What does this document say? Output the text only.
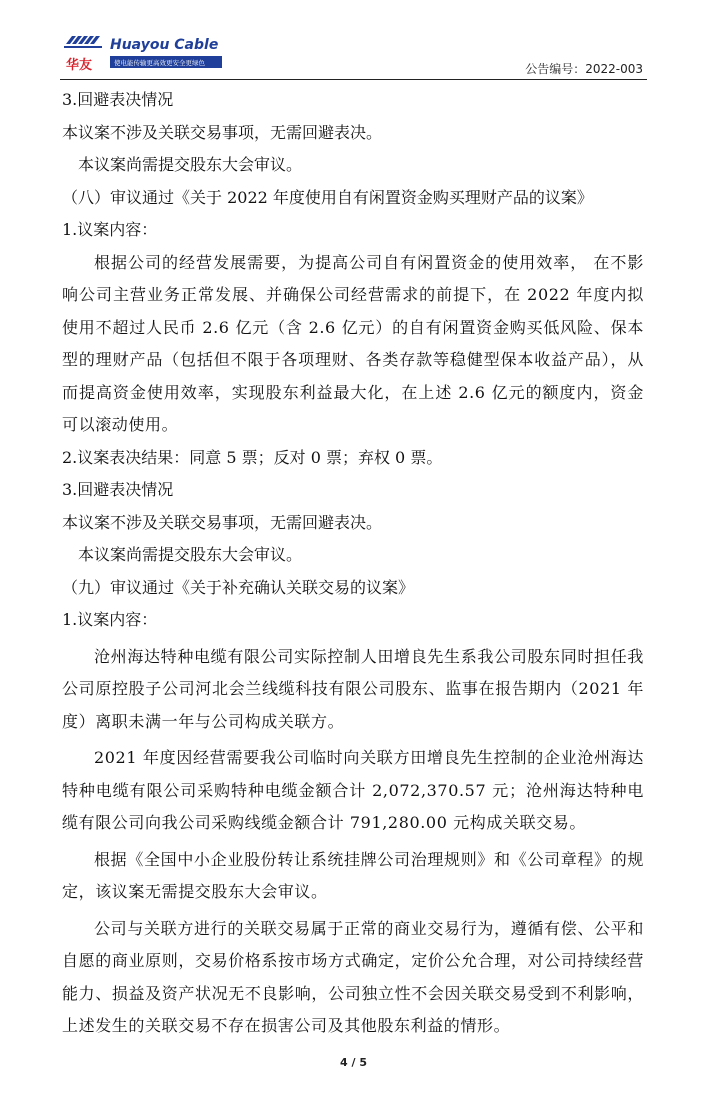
华友
Huayou Cable
使电能传输更高效更安全更绿色	公告编号：2022-003

3.回避表决情况

本议案不涉及关联交易事项，无需回避表决。

本议案尚需提交股东大会审议。

（八）审议通过《关于 2022 年度使用自有闲置资金购买理财产品的议案》

1.议案内容：

根据公司的经营发展需要，为提高公司自有闲置资金的使用效率， 在不影响公司主营业务正常发展、并确保公司经营需求的前提下，在 2022 年度内拟使用不超过人民币 2.6 亿元（含 2.6 亿元）的自有闲置资金购买低风险、保本型的理财产品（包括但不限于各项理财、各类存款等稳健型保本收益产品），从而提高资金使用效率，实现股东利益最大化，在上述 2.6 亿元的额度内，资金可以滚动使用。

2.议案表决结果：同意 5 票；反对 0 票；弃权 0 票。

3.回避表决情况

本议案不涉及关联交易事项，无需回避表决。

本议案尚需提交股东大会审议。

（九）审议通过《关于补充确认关联交易的议案》

1.议案内容：

沧州海达特种电缆有限公司实际控制人田增良先生系我公司股东同时担任我公司原控股子公司河北会兰线缆科技有限公司股东、监事在报告期内（2021 年度）离职未满一年与公司构成关联方。

2021 年度因经营需要我公司临时向关联方田增良先生控制的企业沧州海达特种电缆有限公司采购特种电缆金额合计 2,072,370.57 元；沧州海达特种电缆有限公司向我公司采购线缆金额合计 791,280.00 元构成关联交易。

根据《全国中小企业股份转让系统挂牌公司治理规则》和《公司章程》的规定，该议案无需提交股东大会审议。

公司与关联方进行的关联交易属于正常的商业交易行为，遵循有偿、公平和自愿的商业原则，交易价格系按市场方式确定，定价公允合理，对公司持续经营能力、损益及资产状况无不良影响，公司独立性不会因关联交易受到不利影响，上述发生的关联交易不存在损害公司及其他股东利益的情形。

4 / 5
